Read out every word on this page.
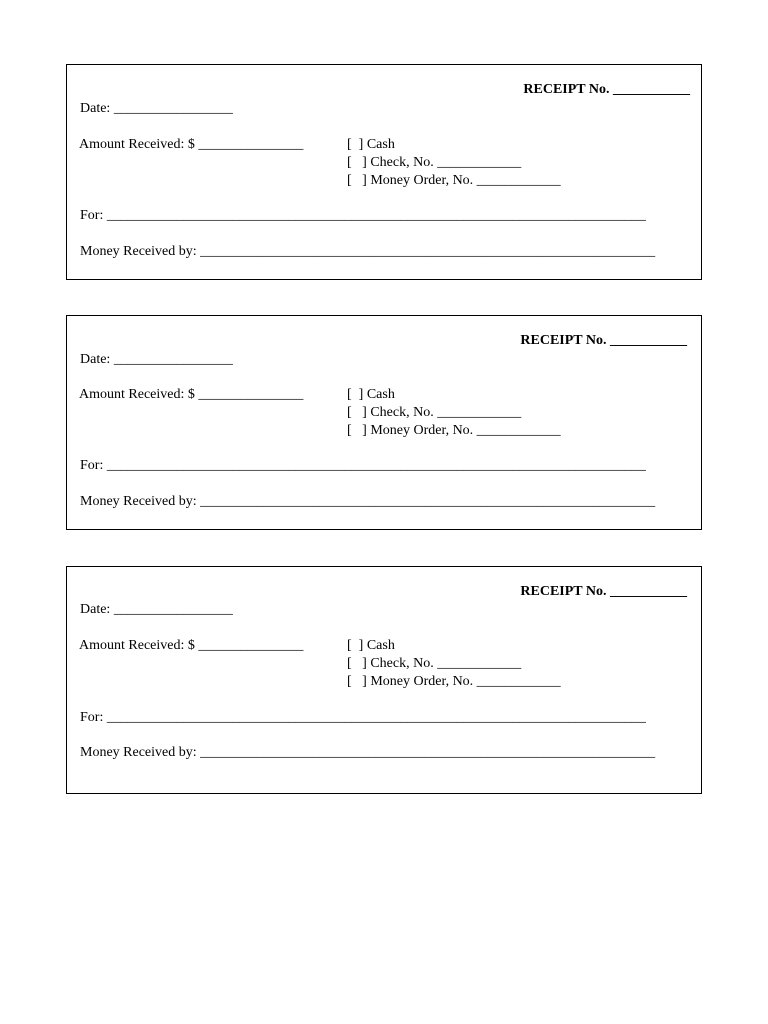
RECEIPT No. ___________
Date: _________________
Amount Received: $ _______________	[  ] Cash
[   ] Check, No. ____________
[   ] Money Order, No. ____________
For: _____________________________________________________________________________
Money Received by: _________________________________________________________________
RECEIPT No. ___________
Date: _________________
Amount Received: $ _______________	[  ] Cash
[   ] Check, No. ____________
[   ] Money Order, No. ____________
For: _____________________________________________________________________________
Money Received by: _________________________________________________________________
RECEIPT No. ___________
Date: _________________
Amount Received: $ _______________	[  ] Cash
[   ] Check, No. ____________
[   ] Money Order, No. ____________
For: _____________________________________________________________________________
Money Received by: _________________________________________________________________
